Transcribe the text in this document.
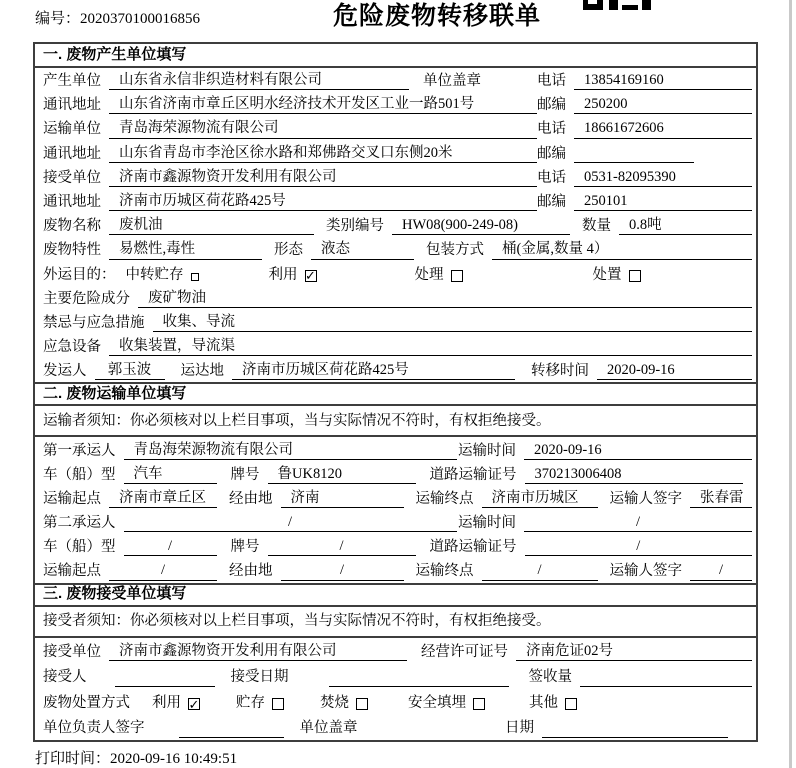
编号：2020370100016856	危险废物转移联单
一. 废物产生单位填写
产生单位	山东省永信非织造材料有限公司	单位盖章	电话	13854169160
通讯地址	山东省济南市章丘区明水经济技术开发区工业一路501号	邮编	250200
运输单位	青岛海荣源物流有限公司	电话	18661672606
通讯地址	山东省青岛市李沧区徐水路和郑佛路交叉口东侧20米	邮编
接受单位	济南市鑫源物资开发利用有限公司	电话	0531-82095390
通讯地址	济南市历城区荷花路425号	邮编	250101
废物名称	废机油	类别编号	HW08(900-249-08)	数量	0.8吨
废物特性	易燃性,毒性	形态	液态	包装方式	桶(金属,数量 4）
外运目的： 中转贮存	利用 ✓	处理	处置
主要危险成分	废矿物油
禁忌与应急措施	收集、导流
应急设备	收集装置，导流渠
发运人	郭玉波	运达地	济南市历城区荷花路425号	转移时间	2020-09-16
二. 废物运输单位填写
运输者须知：你必须核对以上栏目事项，当与实际情况不符时，有权拒绝接受。
第一承运人	青岛海荣源物流有限公司	运输时间	2020-09-16
车（船）型	汽车	牌号	鲁UK8120	道路运输证号	370213006408
运输起点	济南市章丘区	经由地	济南	运输终点	济南市历城区	运输人签字	张春雷
第二承运人	/	运输时间	/
车（船）型	/	牌号	/	道路运输证号	/
运输起点	/	经由地	/	运输终点	/	运输人签字	/
三. 废物接受单位填写
接受者须知：你必须核对以上栏目事项，当与实际情况不符时，有权拒绝接受。
接受单位	济南市鑫源物资开发利用有限公司	经营许可证号	济南危证02号
接受人	接受日期	签收量
废物处置方式 利用 ✓	贮存	焚烧	安全填埋	其他
单位负责人签字	单位盖章	日期
打印时间：2020-09-16 10:49:51
